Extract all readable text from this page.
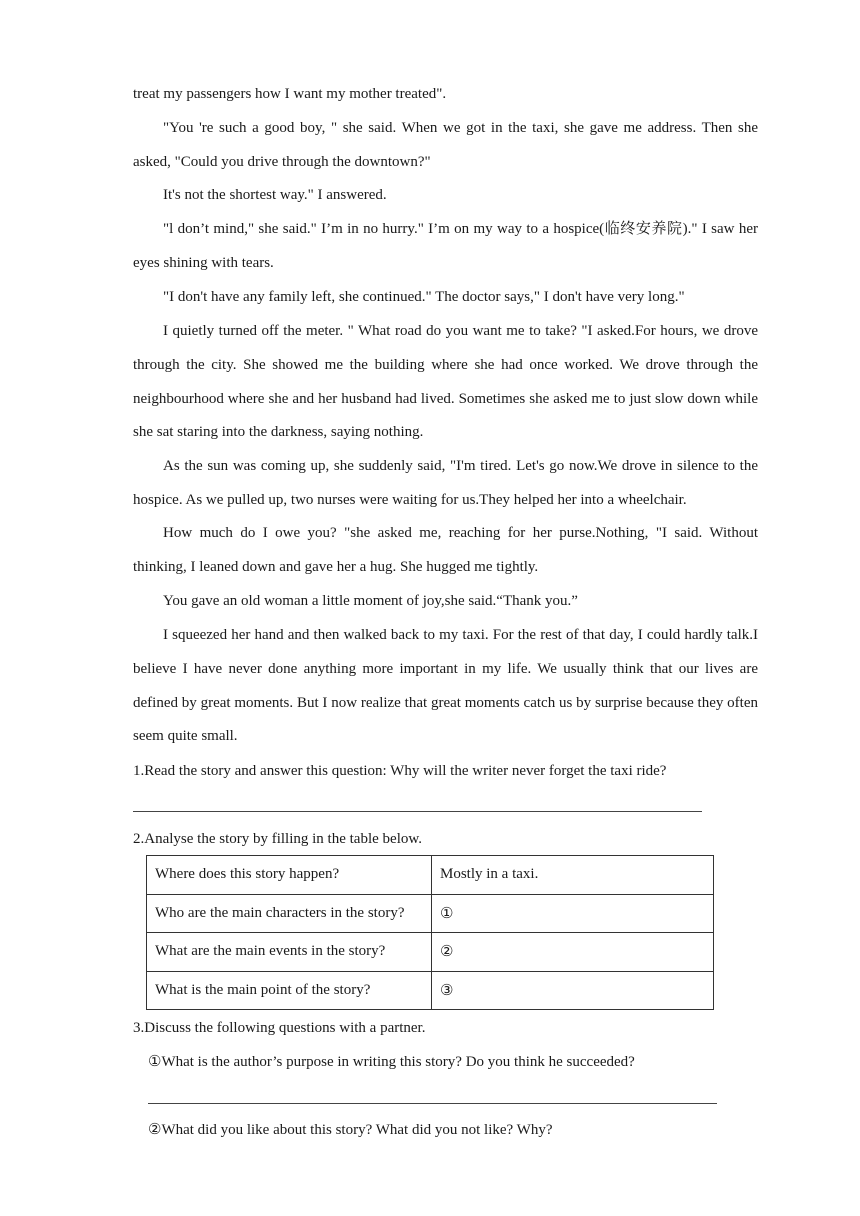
treat my passengers how I want my mother treated".

"You 're such a good boy, " she said. When we got in the taxi, she gave me address. Then she asked, "Could you drive through the downtown?"

It's not the shortest way." I answered.

"l don’t mind," she said." I’m in no hurry." I’m on my way to a hospice(临终安养院)." I saw her eyes shining with tears.

"I don't have any family left, she continued." The doctor says," I don't have very long."

I quietly turned off the meter. " What road do you want me to take? "I asked.For hours, we drove through the city. She showed me the building where she had once worked. We drove through the neighbourhood where she and her husband had lived. Sometimes she asked me to just slow down while she sat staring into the darkness, saying nothing.

As the sun was coming up, she suddenly said, "I'm tired. Let's go now.We drove in silence to the hospice. As we pulled up, two nurses were waiting for us.They helped her into a wheelchair.

How much do I owe you? "she asked me, reaching for her purse.Nothing, "I said. Without thinking, I leaned down and gave her a hug. She hugged me tightly.

You gave an old woman a little moment of joy,she said.“Thank you.”

I squeezed her hand and then walked back to my taxi. For the rest of that day, I could hardly talk.I believe I have never done anything more important in my life. We usually think that our lives are defined by great moments. But I now realize that great moments catch us by surprise because they often seem quite small.

1.Read the story and answer this question: Why will the writer never forget the taxi ride?

2.Analyse the story by filling in the table below.

Where does this story happen?	Mostly in a taxi.
Who are the main characters in the story?	①
What are the main events in the story?	②
What is the main point of the story?	③

3.Discuss the following questions with a partner.

①What is the author’s purpose in writing this story? Do you think he succeeded?

②What did you like about this story? What did you not like? Why?
